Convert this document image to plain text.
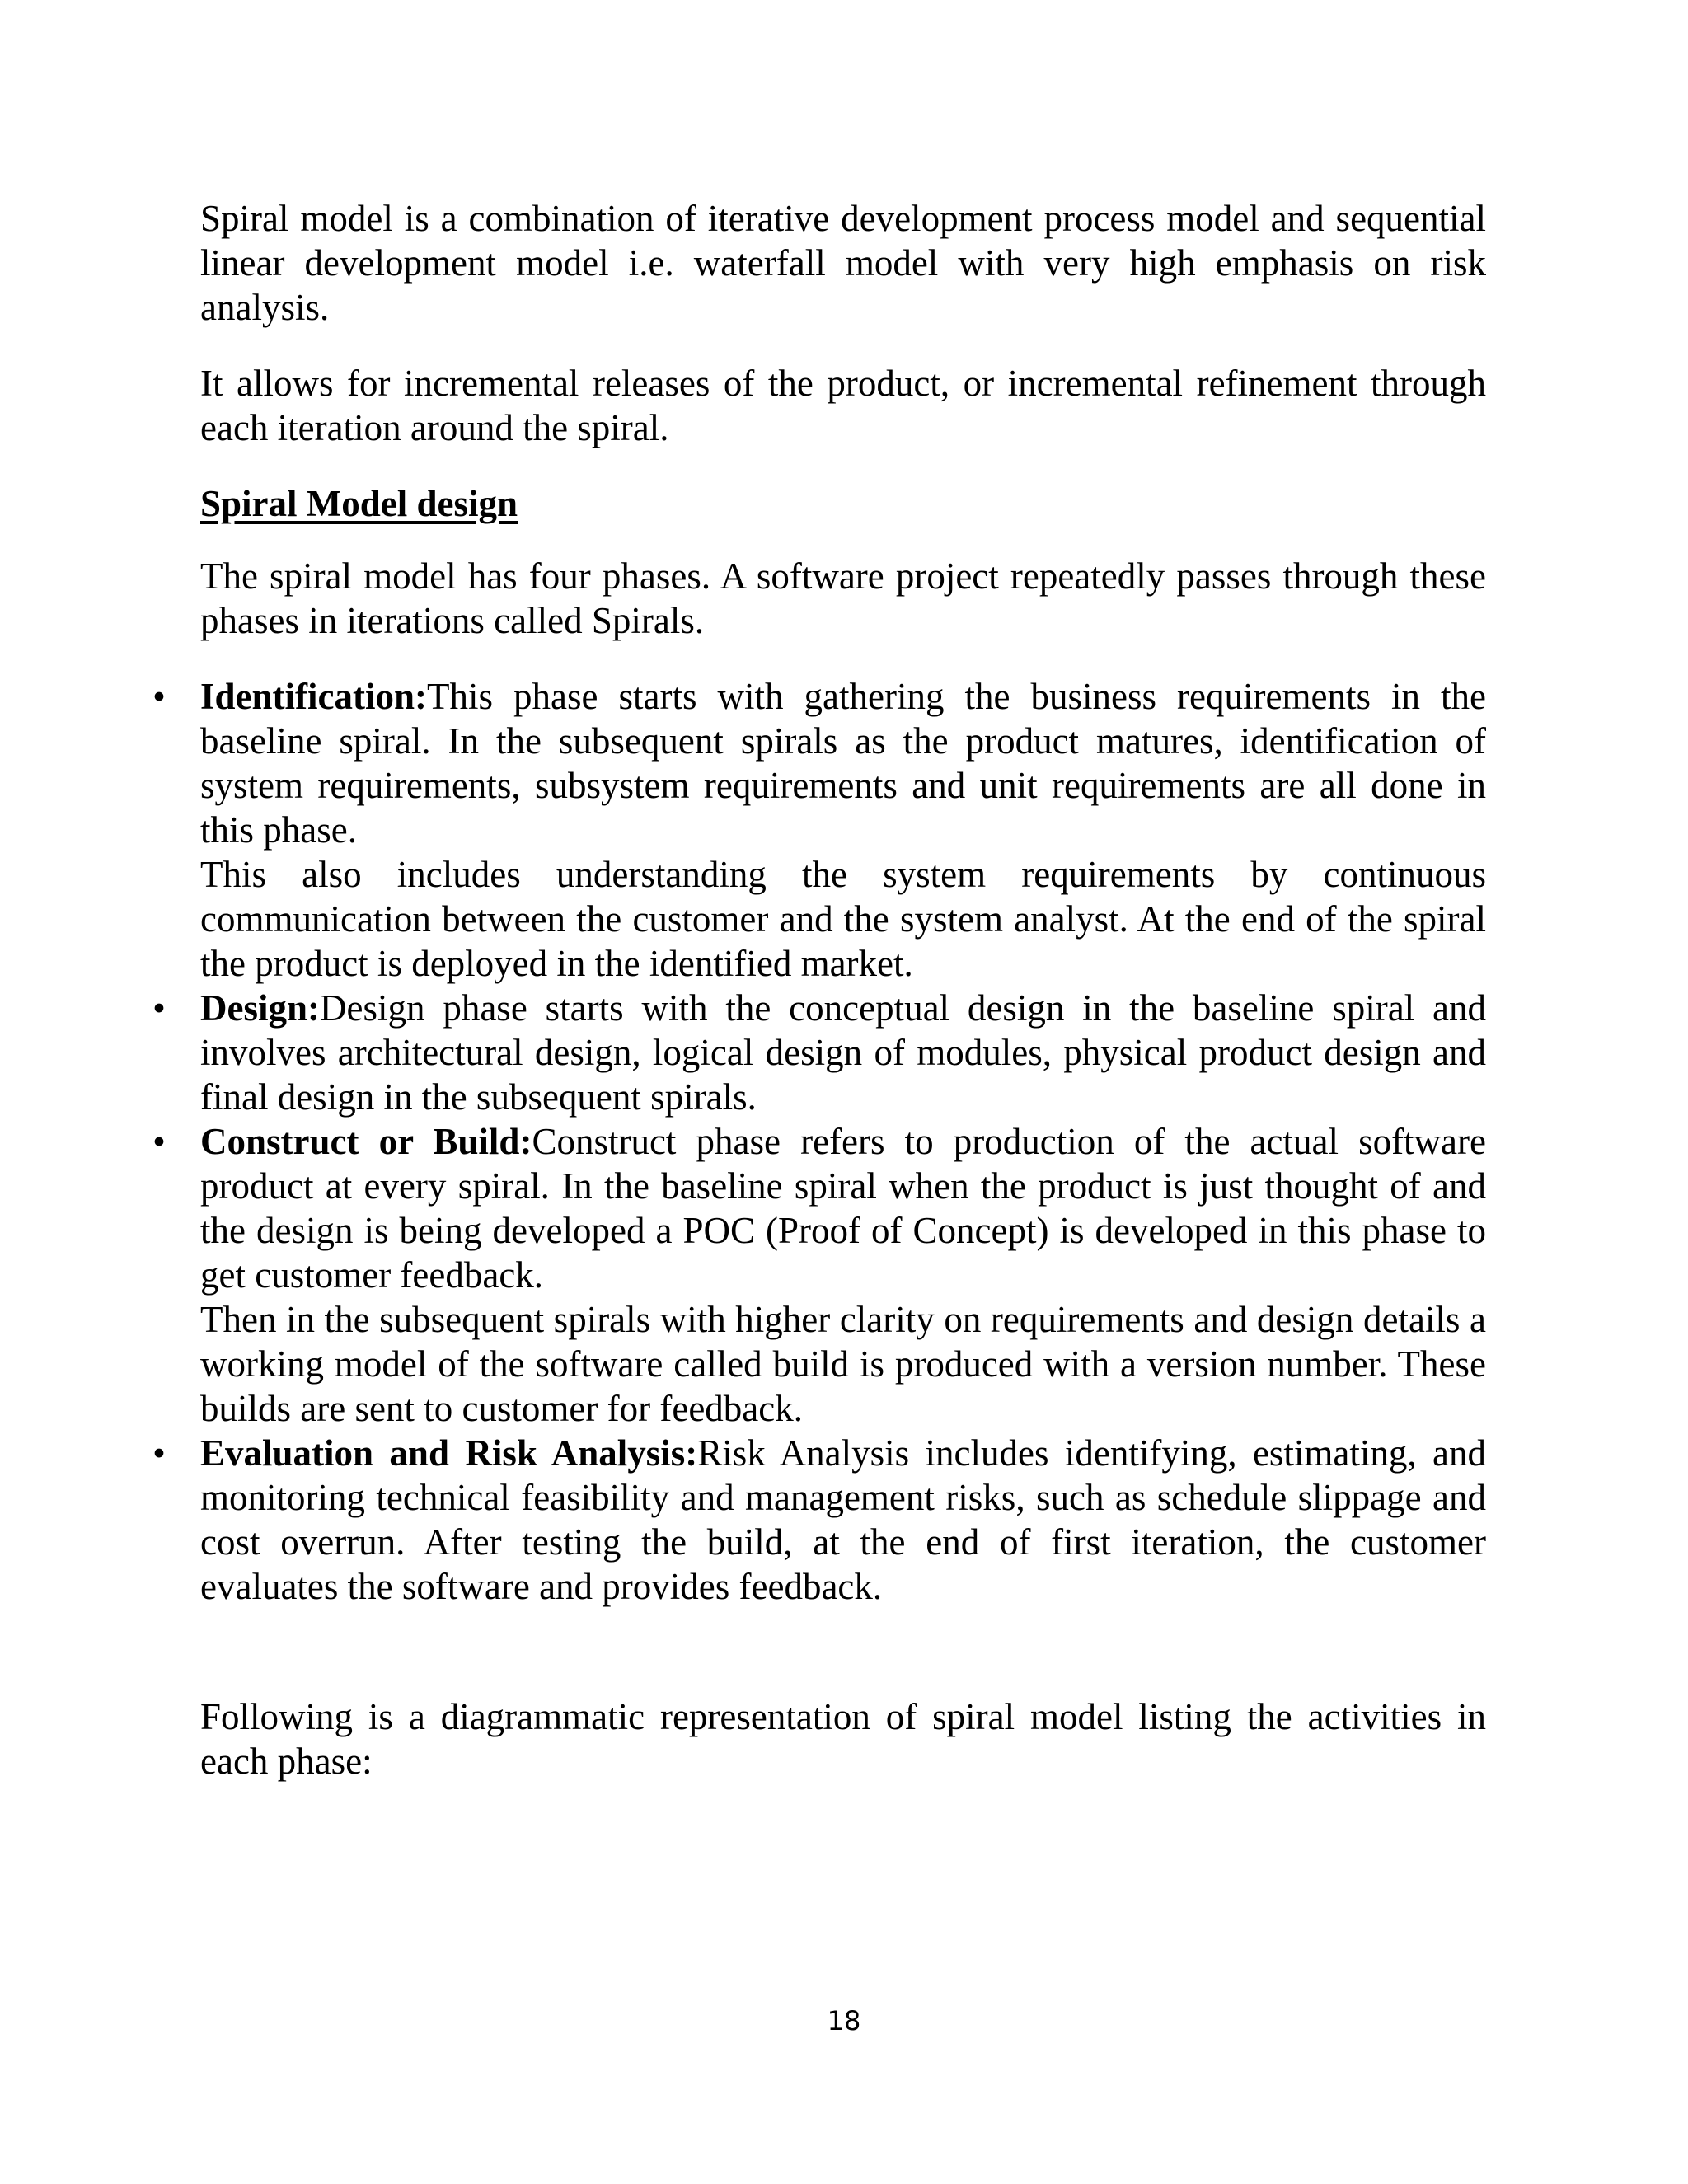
Spiral model is a combination of iterative development process model and sequential linear development model i.e. waterfall model with very high emphasis on risk analysis.

It allows for incremental releases of the product, or incremental refinement through each iteration around the spiral.

Spiral Model design

The spiral model has four phases. A software project repeatedly passes through these phases in iterations called Spirals.

• Identification:This phase starts with gathering the business requirements in the baseline spiral. In the subsequent spirals as the product matures, identification of system requirements, subsystem requirements and unit requirements are all done in this phase.

This also includes understanding the system requirements by continuous communication between the customer and the system analyst. At the end of the spiral the product is deployed in the identified market.

• Design:Design phase starts with the conceptual design in the baseline spiral and involves architectural design, logical design of modules, physical product design and final design in the subsequent spirals.

• Construct or Build:Construct phase refers to production of the actual software product at every spiral. In the baseline spiral when the product is just thought of and the design is being developed a POC (Proof of Concept) is developed in this phase to get customer feedback.

Then in the subsequent spirals with higher clarity on requirements and design details a working model of the software called build is produced with a version number. These builds are sent to customer for feedback.

• Evaluation and Risk Analysis:Risk Analysis includes identifying, estimating, and monitoring technical feasibility and management risks, such as schedule slippage and cost overrun. After testing the build, at the end of first iteration, the customer evaluates the software and provides feedback.

Following is a diagrammatic representation of spiral model listing the activities in each phase:

18
